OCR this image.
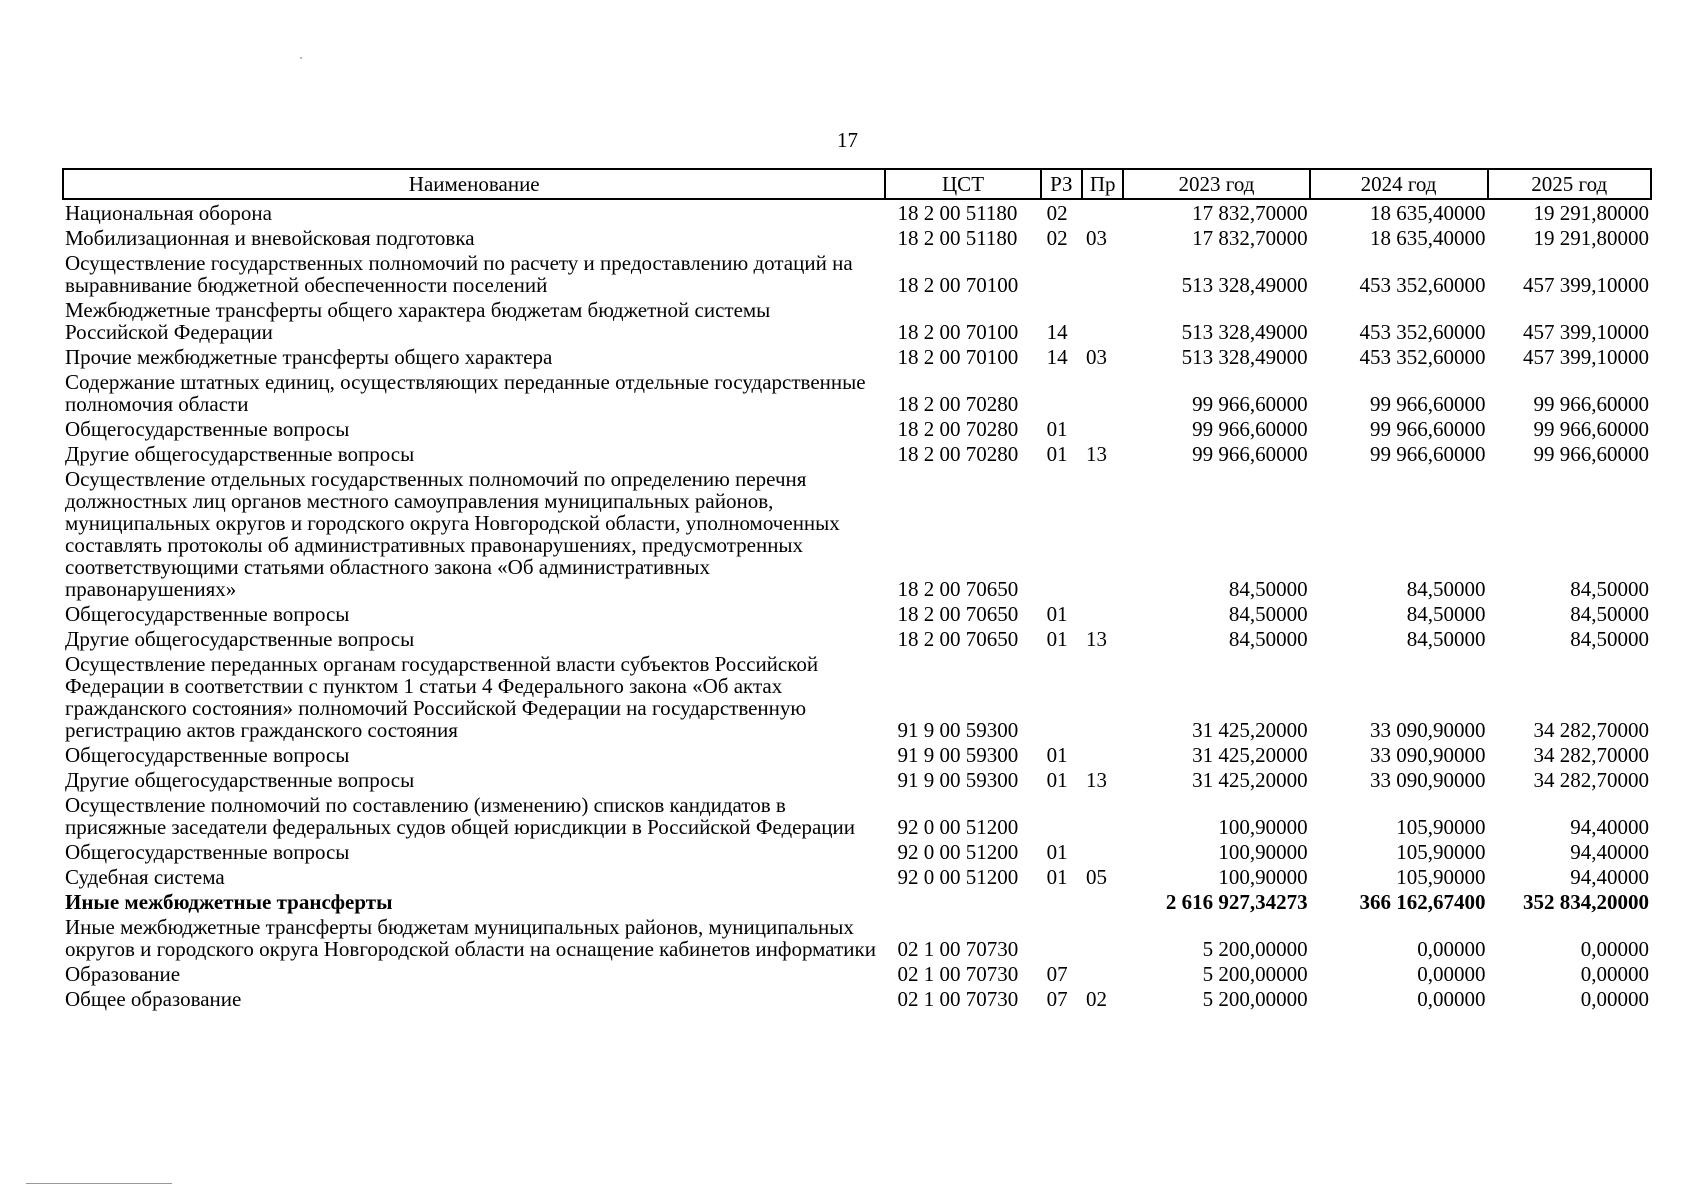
17
Наименование	ЦСТ	РЗ	Пр	2023 год	2024 год	2025 год
Национальная оборона	18 2 00 51180	02		17 832,70000	18 635,40000	19 291,80000
Мобилизационная и вневойсковая подготовка	18 2 00 51180	02	03	17 832,70000	18 635,40000	19 291,80000
Осуществление государственных полномочий по расчету и предоставлению дотаций на выравнивание бюджетной обеспеченности поселений	18 2 00 70100			513 328,49000	453 352,60000	457 399,10000
Межбюджетные трансферты общего характера бюджетам бюджетной системы Российской Федерации	18 2 00 70100	14		513 328,49000	453 352,60000	457 399,10000
Прочие межбюджетные трансферты общего характера	18 2 00 70100	14	03	513 328,49000	453 352,60000	457 399,10000
Содержание штатных единиц, осуществляющих переданные отдельные государственные полномочия области	18 2 00 70280			99 966,60000	99 966,60000	99 966,60000
Общегосударственные вопросы	18 2 00 70280	01		99 966,60000	99 966,60000	99 966,60000
Другие общегосударственные вопросы	18 2 00 70280	01	13	99 966,60000	99 966,60000	99 966,60000
Осуществление отдельных государственных полномочий по определению перечня должностных лиц органов местного самоуправления муниципальных районов, муниципальных округов и городского округа Новгородской области, уполномоченных составлять протоколы об административных правонарушениях, предусмотренных соответствующими статьями областного закона «Об административных правонарушениях»	18 2 00 70650			84,50000	84,50000	84,50000
Общегосударственные вопросы	18 2 00 70650	01		84,50000	84,50000	84,50000
Другие общегосударственные вопросы	18 2 00 70650	01	13	84,50000	84,50000	84,50000
Осуществление переданных органам государственной власти субъектов Российской Федерации в соответствии с пунктом 1 статьи 4 Федерального закона «Об актах гражданского состояния» полномочий Российской Федерации на государственную регистрацию актов гражданского состояния	91 9 00 59300			31 425,20000	33 090,90000	34 282,70000
Общегосударственные вопросы	91 9 00 59300	01		31 425,20000	33 090,90000	34 282,70000
Другие общегосударственные вопросы	91 9 00 59300	01	13	31 425,20000	33 090,90000	34 282,70000
Осуществление полномочий по составлению (изменению) списков кандидатов в присяжные заседатели федеральных судов общей юрисдикции в Российской Федерации	92 0 00 51200			100,90000	105,90000	94,40000
Общегосударственные вопросы	92 0 00 51200	01		100,90000	105,90000	94,40000
Судебная система	92 0 00 51200	01	05	100,90000	105,90000	94,40000
Иные межбюджетные трансферты				2 616 927,34273	366 162,67400	352 834,20000
Иные межбюджетные трансферты бюджетам муниципальных районов, муниципальных округов и городского округа Новгородской области на оснащение кабинетов информатики	02 1 00 70730			5 200,00000	0,00000	0,00000
Образование	02 1 00 70730	07		5 200,00000	0,00000	0,00000
Общее образование	02 1 00 70730	07	02	5 200,00000	0,00000	0,00000
